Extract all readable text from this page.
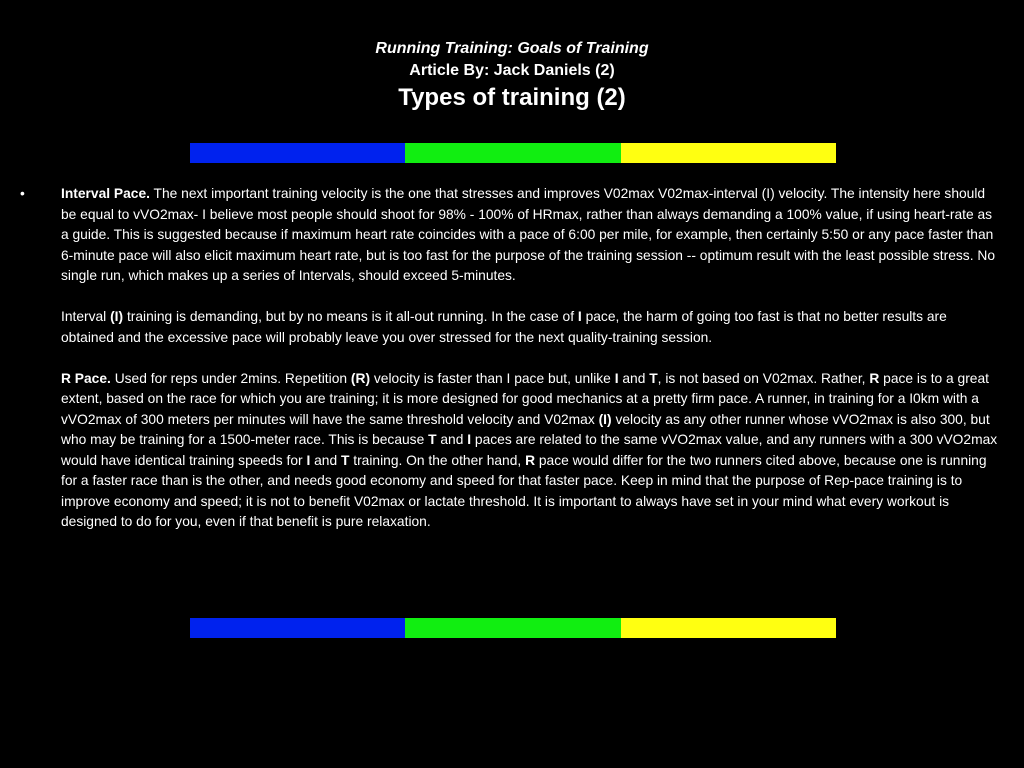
Running Training: Goals of Training
Article By: Jack Daniels (2)
Types of training (2)
•	Interval Pace. The next important training velocity is the one that stresses and improves V02max V02max-interval (I) velocity. The intensity here should be equal to vVO2max- I believe most people should shoot for 98% - 100% of HRmax, rather than always demanding a 100% value, if using heart-rate as a guide. This is suggested because if maximum heart rate coincides with a pace of 6:00 per mile, for example, then certainly 5:50 or any pace faster than 6-minute pace will also elicit maximum heart rate, but is too fast for the purpose of the training session -- optimum result with the least possible stress. No single run, which makes up a series of Intervals, should exceed 5-minutes.

Interval (I) training is demanding, but by no means is it all-out running. In the case of I pace, the harm of going too fast is that no better results are obtained and the excessive pace will probably leave you over stressed for the next quality-training session.

R Pace. Used for reps under 2mins. Repetition (R) velocity is faster than I pace but, unlike I and T, is not based on V02max. Rather, R pace is to a great extent, based on the race for which you are training; it is more designed for good mechanics at a pretty firm pace. A runner, in training for a I0km with a vVO2max of 300 meters per minutes will have the same threshold velocity and V02max (I) velocity as any other runner whose vVO2max is also 300, but who may be training for a 1500-meter race. This is because T and I paces are related to the same vVO2max value, and any runners with a 300 vVO2max would have identical training speeds for I and T training. On the other hand, R pace would differ for the two runners cited above, because one is running for a faster race than is the other, and needs good economy and speed for that faster pace. Keep in mind that the purpose of Rep-pace training is to improve economy and speed; it is not to benefit V02max or lactate threshold. It is important to always have set in your mind what every workout is designed to do for you, even if that benefit is pure relaxation.
